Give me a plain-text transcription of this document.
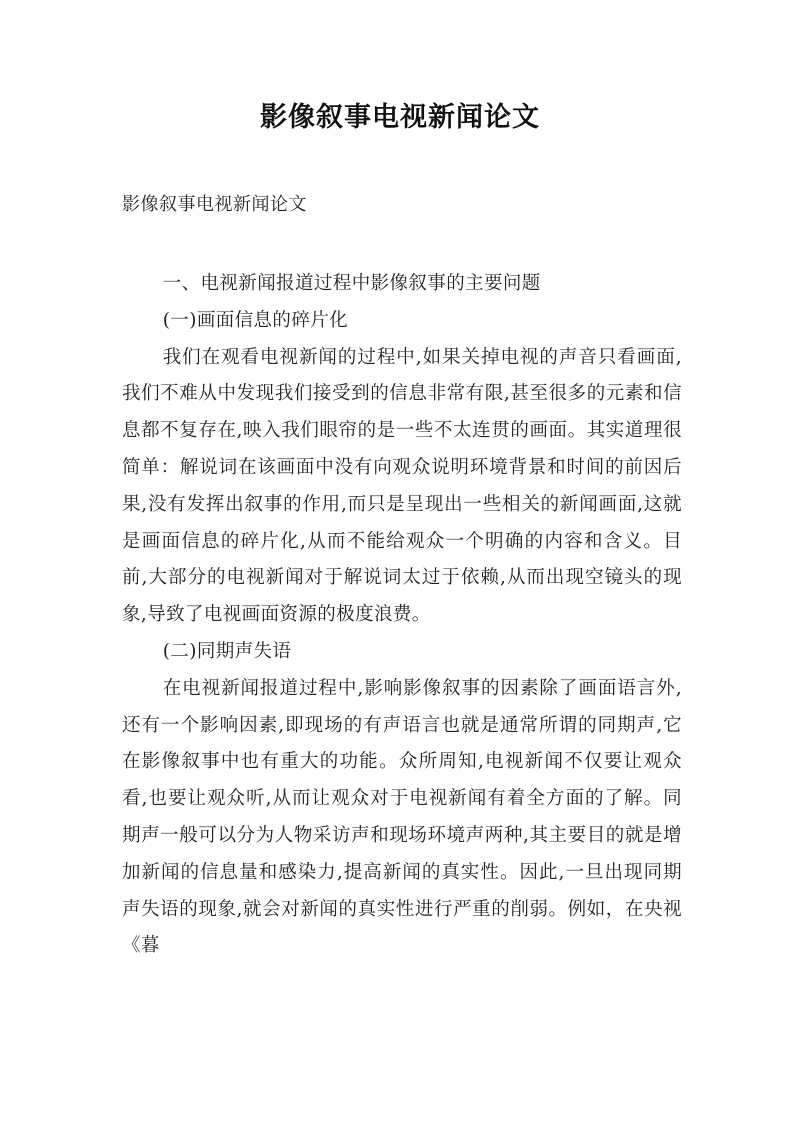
影像叙事电视新闻论文
影像叙事电视新闻论文

一、电视新闻报道过程中影像叙事的主要问题

(一)画面信息的碎片化

我们在观看电视新闻的过程中,如果关掉电视的声音只看画面,我们不难从中发现我们接受到的信息非常有限,甚至很多的元素和信息都不复存在,映入我们眼帘的是一些不太连贯的画面。其实道理很简单：解说词在该画面中没有向观众说明环境背景和时间的前因后果,没有发挥出叙事的作用,而只是呈现出一些相关的新闻画面,这就是画面信息的碎片化,从而不能给观众一个明确的内容和含义。目前,大部分的电视新闻对于解说词太过于依赖,从而出现空镜头的现象,导致了电视画面资源的极度浪费。

(二)同期声失语

在电视新闻报道过程中,影响影像叙事的因素除了画面语言外,还有一个影响因素,即现场的有声语言也就是通常所谓的同期声,它在影像叙事中也有重大的功能。众所周知,电视新闻不仅要让观众看,也要让观众听,从而让观众对于电视新闻有着全方面的了解。同期声一般可以分为人物采访声和现场环境声两种,其主要目的就是增加新闻的信息量和感染力,提高新闻的真实性。因此,一旦出现同期声失语的现象,就会对新闻的真实性进行严重的削弱。例如，在央视《暮
